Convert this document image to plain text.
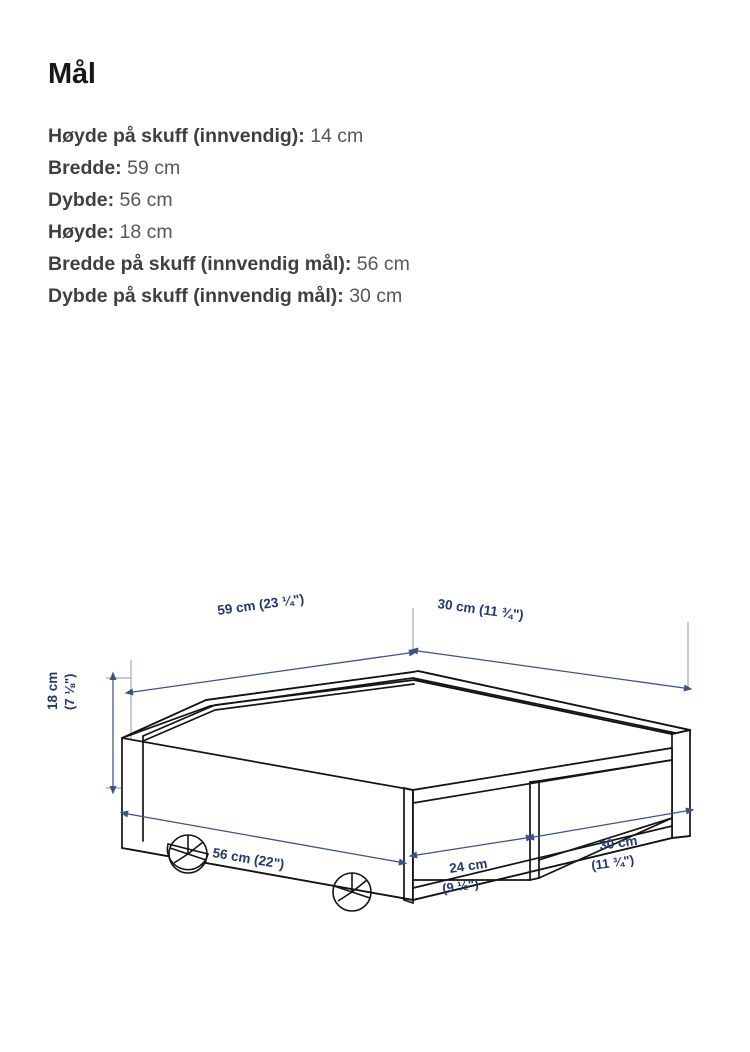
Mål
Høyde på skuff (innvendig): 14 cm
Bredde: 59 cm
Dybde: 56 cm
Høyde: 18 cm
Bredde på skuff (innvendig mål): 56 cm
Dybde på skuff (innvendig mål): 30 cm
59 cm (23 ¼")	30 cm (11 ¾")
18 cm (7 ⅛")
56 cm (22")	24 cm
(9 ½")
30 cm
(11 ¾")
